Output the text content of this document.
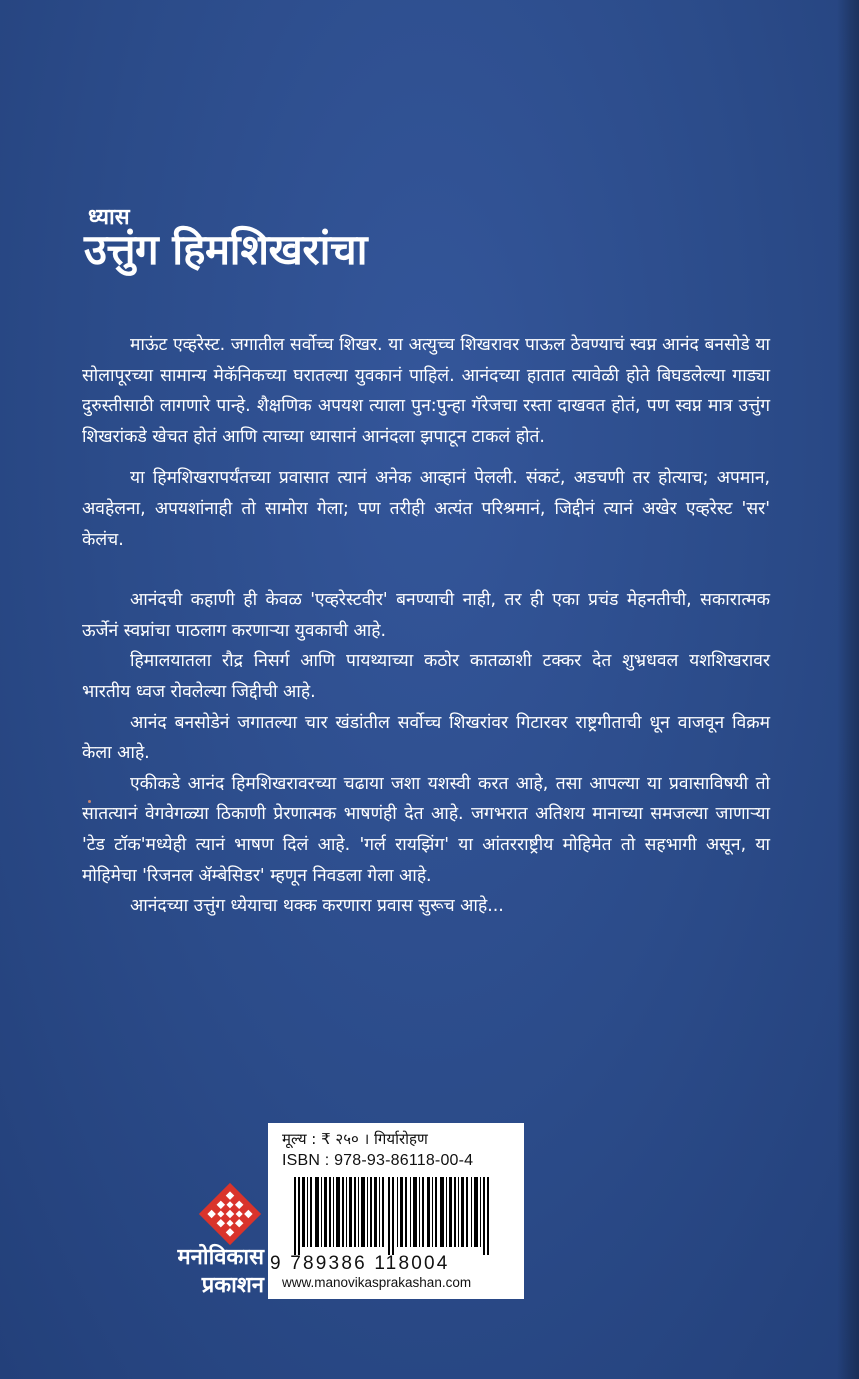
ध्यास
उत्तुंग हिमशिखरांचा

माऊंट एव्हरेस्ट. जगातील सर्वोच्च शिखर. या अत्युच्च शिखरावर पाऊल ठेवण्याचं स्वप्न आनंद बनसोडे या सोलापूरच्या सामान्य मेकॅनिकच्या घरातल्या युवकानं पाहिलं. आनंदच्या हातात त्यावेळी होते बिघडलेल्या गाड्या दुरुस्तीसाठी लागणारे पान्हे. शैक्षणिक अपयश त्याला पुन:पुन्हा गॅरेजचा रस्ता दाखवत होतं, पण स्वप्न मात्र उत्तुंग शिखरांकडे खेचत होतं आणि त्याच्या ध्यासानं आनंदला झपाटून टाकलं होतं.

या हिमशिखरापर्यंतच्या प्रवासात त्यानं अनेक आव्हानं पेलली. संकटं, अडचणी तर होत्याच; अपमान, अवहेलना, अपयशांनाही तो सामोरा गेला; पण तरीही अत्यंत परिश्रमानं, जिद्दीनं त्यानं अखेर एव्हरेस्ट 'सर' केलंच.

आनंदची कहाणी ही केवळ 'एव्हरेस्टवीर' बनण्याची नाही, तर ही एका प्रचंड मेहनतीची, सकारात्मक ऊर्जेनं स्वप्नांचा पाठलाग करणाऱ्या युवकाची आहे.

हिमालयातला रौद्र निसर्ग आणि पायथ्याच्या कठोर कातळाशी टक्कर देत शुभ्रधवल यशशिखरावर भारतीय ध्वज रोवलेल्या जिद्दीची आहे.

आनंद बनसोडेनं जगातल्या चार खंडांतील सर्वोच्च शिखरांवर गिटारवर राष्ट्रगीताची धून वाजवून विक्रम केला आहे.

एकीकडे आनंद हिमशिखरावरच्या चढाया जशा यशस्वी करत आहे, तसा आपल्या या प्रवासाविषयी तो सातत्यानं वेगवेगळ्या ठिकाणी प्रेरणात्मक भाषणंही देत आहे. जगभरात अतिशय मानाच्या समजल्या जाणाऱ्या 'टेड टॉक'मध्येही त्यानं भाषण दिलं आहे. 'गर्ल रायझिंग' या आंतरराष्ट्रीय मोहिमेत तो सहभागी असून, या मोहिमेचा 'रिजनल ॲम्बेसिडर' म्हणून निवडला गेला आहे.

आनंदच्या उत्तुंग ध्येयाचा थक्क करणारा प्रवास सुरूच आहे...

मूल्य : ₹ २५० । गिर्यारोहण
ISBN : 978-93-86118-00-4
9 789386 118004
www.manovikasprakashan.com
मनोविकास
प्रकाशन
